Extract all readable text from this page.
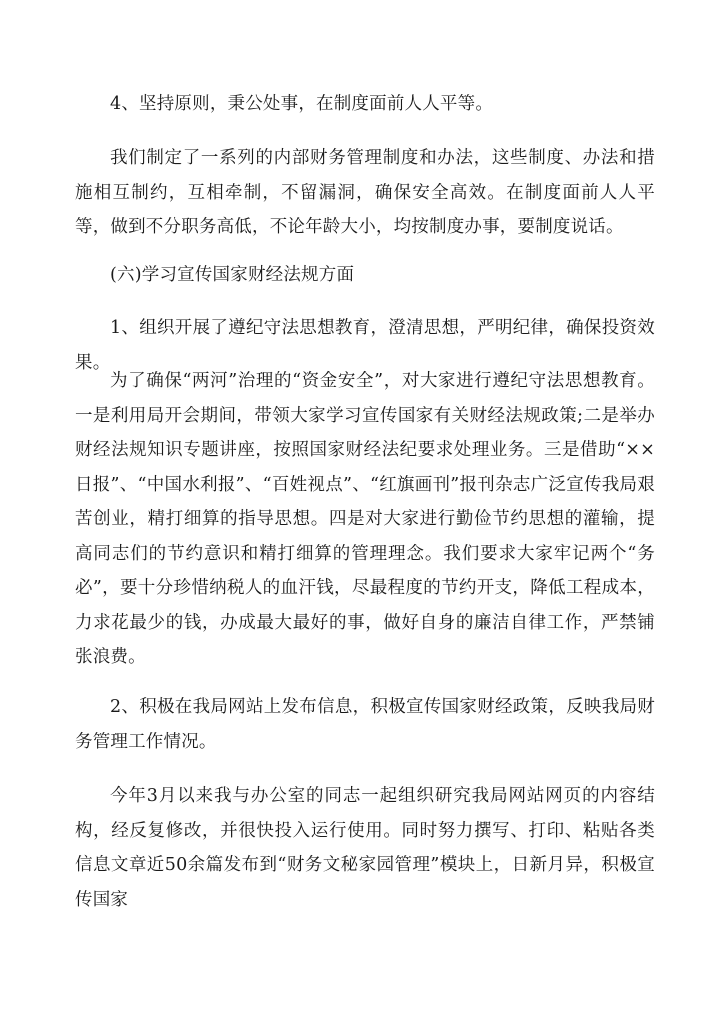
4、坚持原则，秉公处事，在制度面前人人平等。

我们制定了一系列的内部财务管理制度和办法，这些制度、办法和措施相互制约，互相牵制，不留漏洞，确保安全高效。在制度面前人人平等，做到不分职务高低，不论年龄大小，均按制度办事，要制度说话。

(六)学习宣传国家财经法规方面

1、组织开展了遵纪守法思想教育，澄清思想，严明纪律，确保投资效果。

为了确保“两河”治理的“资金安全”，对大家进行遵纪守法思想教育。一是利用局开会期间，带领大家学习宣传国家有关财经法规政策;二是举办财经法规知识专题讲座，按照国家财经法纪要求处理业务。三是借助“××日报”、“中国水利报”、“百姓视点”、“红旗画刊”报刊杂志广泛宣传我局艰苦创业，精打细算的指导思想。四是对大家进行勤俭节约思想的灌输，提高同志们的节约意识和精打细算的管理理念。我们要求大家牢记两个“务必”，要十分珍惜纳税人的血汗钱，尽最程度的节约开支，降低工程成本，力求花最少的钱，办成最大最好的事，做好自身的廉洁自律工作，严禁铺张浪费。

2、积极在我局网站上发布信息，积极宣传国家财经政策，反映我局财务管理工作情况。

今年3月以来我与办公室的同志一起组织研究我局网站网页的内容结构，经反复修改，并很快投入运行使用。同时努力撰写、打印、粘贴各类信息文章近50余篇发布到“财务文秘家园管理”模块上，日新月异，积极宣传国家
